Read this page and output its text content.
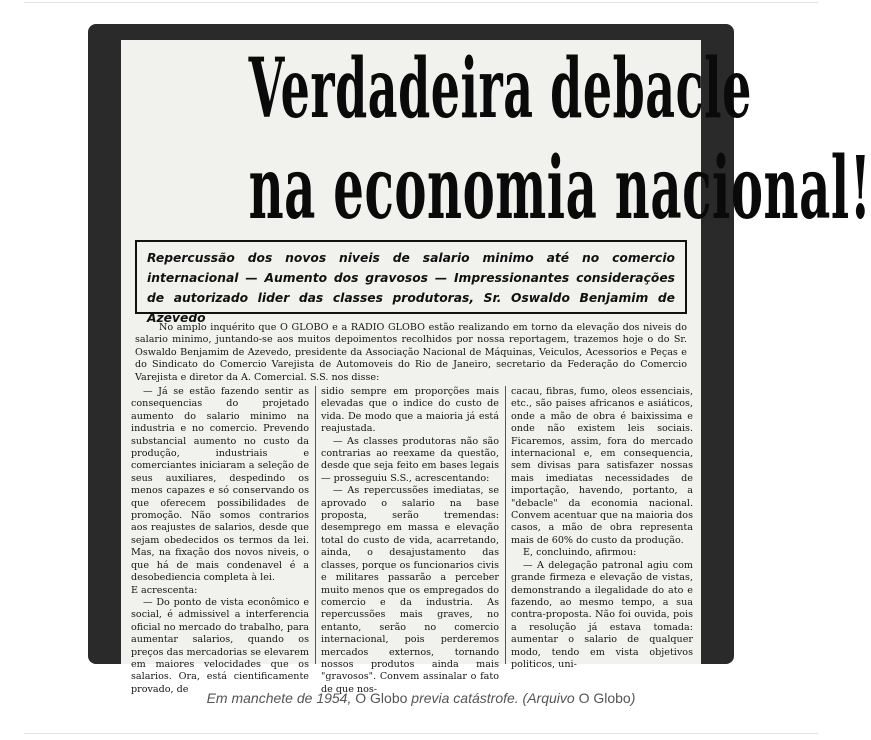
Verdadeira debacle
na economia nacional!
Repercussão dos novos niveis de salario minimo até no comercio internacional — Aumento dos gravosos — Impressionantes considerações de autorizado lider das classes produtoras, Sr. Oswaldo Benjamim de Azevedo
No amplo inquérito que O GLOBO e a RADIO GLOBO estão realizando em torno da elevação dos niveis do salario minimo, juntando-se aos muitos depoimentos recolhidos por nossa reportagem, trazemos hoje o do Sr. Oswaldo Benjamim de Azevedo, presidente da Associação Nacional de Máquinas, Veiculos, Acessorios e Peças e do Sindicato do Comercio Varejista de Automoveis do Rio de Janeiro, secretario da Federação do Comercio Varejista e diretor da A. Comercial. S.S. nos disse:

— Já se estão fazendo sentir as consequencias do projetado aumento do salario minimo na industria e no comercio. Prevendo substancial aumento no custo da produção, industriais e comerciantes iniciaram a seleção de seus auxiliares, despedindo os menos capazes e só conservando os que oferecem possibilidades de promoção. Não somos contrarios aos reajustes de salarios, desde que sejam obedecidos os termos da lei. Mas, na fixação dos novos niveis, o que há de mais condenavel é a desobediencia completa à lei.

E acrescenta:

— Do ponto de vista econômico e social, é admissivel a interferencia oficial no mercado do trabalho, para aumentar salarios, quando os preços das mercadorias se elevarem em maiores velocidades que os salarios. Ora, está cientificamente provado, de

sidio sempre em proporções mais elevadas que o indice do custo de vida. De modo que a maioria já está reajustada.

— As classes produtoras não são contrarias ao reexame da questão, desde que seja feito em bases legais — prosseguiu S.S., acrescentando:

— As repercussões imediatas, se aprovado o salario na base proposta, serão tremendas: desemprego em massa e elevação total do custo de vida, acarretando, ainda, o desajustamento das classes, porque os funcionarios civis e militares passarão a perceber muito menos que os empregados do comercio e da industria. As repercussões mais graves, no entanto, serão no comercio internacional, pois perderemos mercados externos, tornando nossos produtos ainda mais "gravosos". Convem assinalar o fato de que nos-

cacau, fibras, fumo, oleos essenciais, etc., são paises africanos e asiáticos, onde a mão de obra é baixissima e onde não existem leis sociais. Ficaremos, assim, fora do mercado internacional e, em consequencia, sem divisas para satisfazer nossas mais imediatas necessidades de importação, havendo, portanto, a "debacle" da economia nacional. Convem acentuar que na maioria dos casos, a mão de obra representa mais de 60% do custo da produção.

E, concluindo, afirmou:

— A delegação patronal agiu com grande firmeza e elevação de vistas, demonstrando a ilegalidade do ato e fazendo, ao mesmo tempo, a sua contra-proposta. Não foi ouvida, pois a resolução já estava tomada: aumentar o salario de qualquer modo, tendo em vista objetivos politicos, uni-

Em manchete de 1954, O Globo previa catástrofe. (Arquivo O Globo)
